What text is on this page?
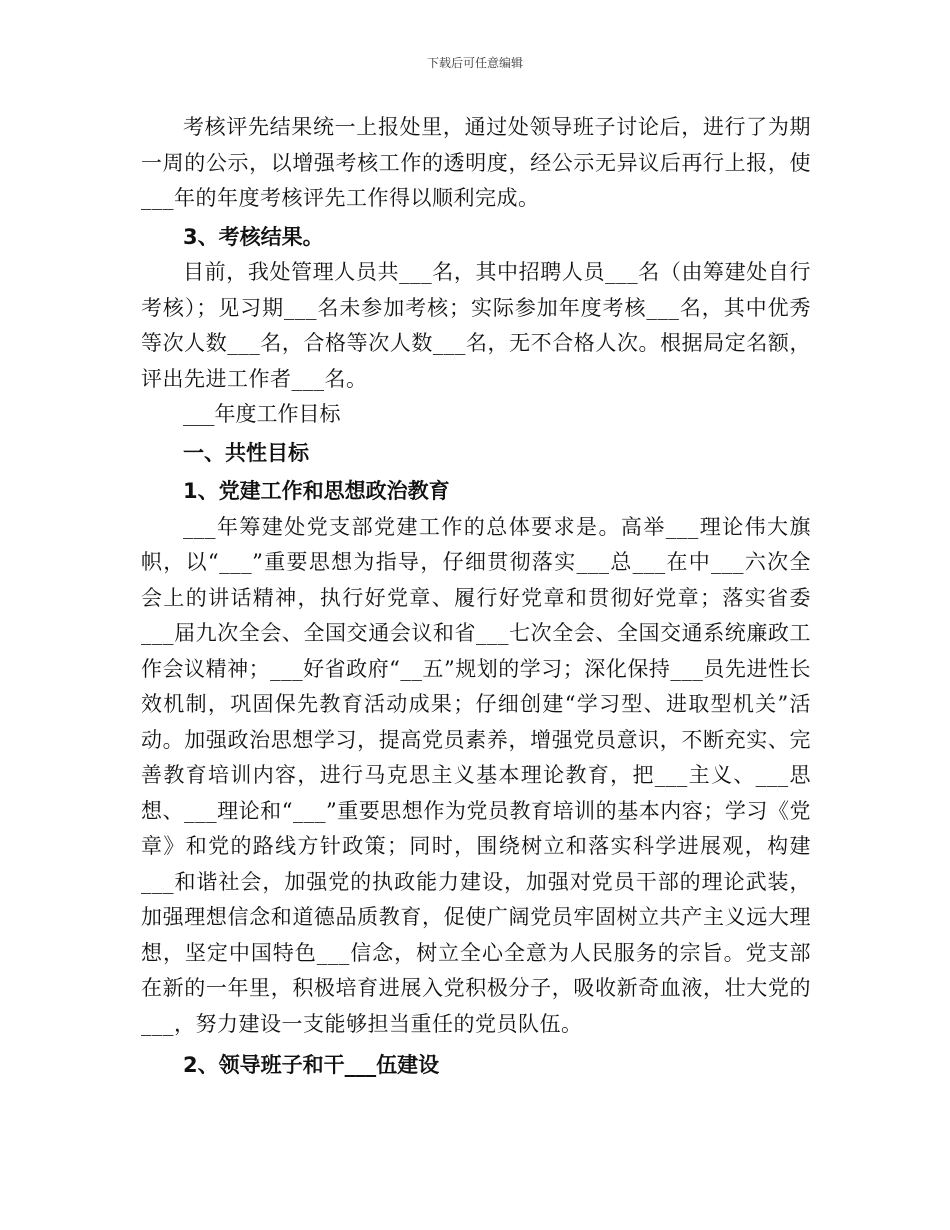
下载后可任意编辑

考核评先结果统一上报处里，通过处领导班子讨论后，进行了为期一周的公示，以增强考核工作的透明度，经公示无异议后再行上报，使___年的年度考核评先工作得以顺利完成。

3、考核结果。

目前，我处管理人员共___名，其中招聘人员___名（由筹建处自行考核）；见习期___名未参加考核；实际参加年度考核___名，其中优秀等次人数___名，合格等次人数___名，无不合格人次。根据局定名额，评出先进工作者___名。

___年度工作目标

一、共性目标

1、党建工作和思想政治教育

___年筹建处党支部党建工作的总体要求是。高举___理论伟大旗帜，以“___”重要思想为指导，仔细贯彻落实___总___在中___六次全会上的讲话精神，执行好党章、履行好党章和贯彻好党章；落实省委___届九次全会、全国交通会议和省___七次全会、全国交通系统廉政工作会议精神；___好省政府“__五”规划的学习；深化保持___员先进性长效机制，巩固保先教育活动成果；仔细创建“学习型、进取型机关”活动。加强政治思想学习，提高党员素养，增强党员意识，不断充实、完善教育培训内容，进行马克思主义基本理论教育，把___主义、___思想、___理论和“___”重要思想作为党员教育培训的基本内容；学习《党章》和党的路线方针政策；同时，围绕树立和落实科学进展观，构建___和谐社会，加强党的执政能力建设，加强对党员干部的理论武装，加强理想信念和道德品质教育，促使广阔党员牢固树立共产主义远大理想，坚定中国特色___信念，树立全心全意为人民服务的宗旨。党支部在新的一年里，积极培育进展入党积极分子，吸收新奇血液，壮大党的___，努力建设一支能够担当重任的党员队伍。

2、领导班子和干___伍建设
